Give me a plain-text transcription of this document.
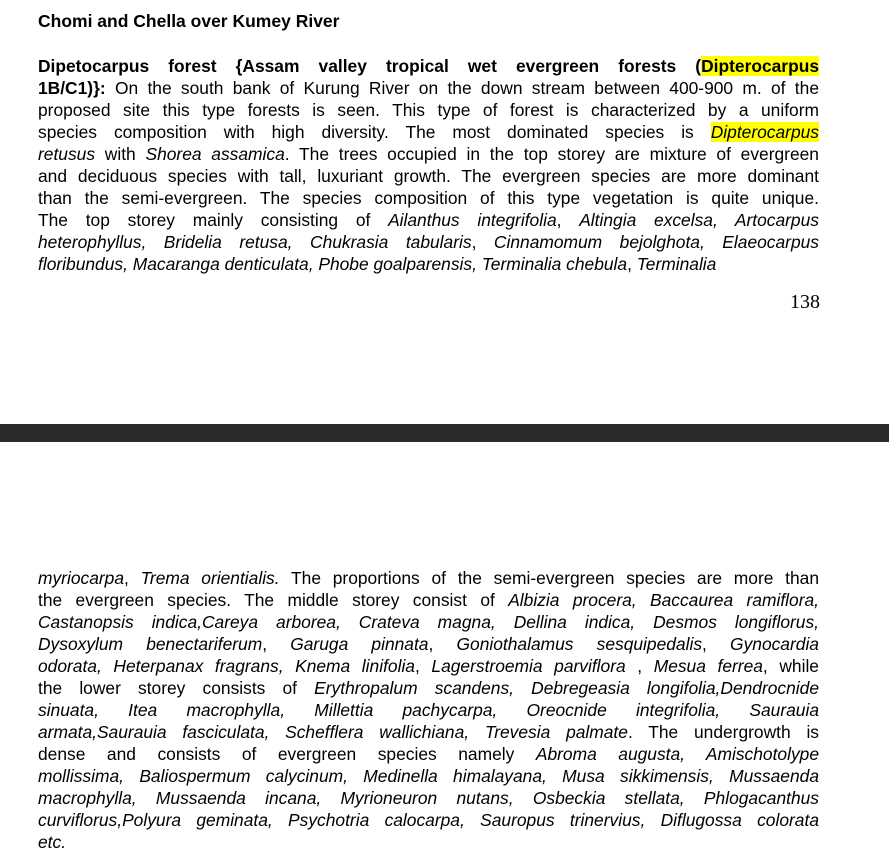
Chomi and Chella over Kumey River
Dipetocarpus forest {Assam valley tropical wet evergreen forests (Dipterocarpus
1B/C1)}: On the south bank of Kurung River on the down stream between 400-900 m. of the
proposed site this type forests is seen. This type of forest is characterized by a uniform
species composition with high diversity. The most dominated species is Dipterocarpus
retusus with Shorea assamica. The trees occupied in the top storey are mixture of evergreen
and deciduous species with tall, luxuriant growth. The evergreen species are more dominant
than the semi-evergreen. The species composition of this type vegetation is quite unique.
The top storey mainly consisting of Ailanthus integrifolia, Altingia excelsa, Artocarpus
heterophyllus, Bridelia retusa, Chukrasia tabularis, Cinnamomum bejolghota, Elaeocarpus
floribundus, Macaranga denticulata, Phobe goalparensis, Terminalia chebula, Terminalia
138
myriocarpa, Trema orientialis. The proportions of the semi-evergreen species are more than
the evergreen species. The middle storey consist of Albizia procera, Baccaurea ramiflora,
Castanopsis indica,Careya arborea, Crateva magna, Dellina indica, Desmos longiflorus,
Dysoxylum benectariferum, Garuga pinnata, Goniothalamus sesquipedalis, Gynocardia
odorata, Heterpanax fragrans, Knema linifolia, Lagerstroemia parviflora , Mesua ferrea, while
the lower storey consists of Erythropalum scandens, Debregeasia longifolia,Dendrocnide
sinuata, Itea macrophylla, Millettia pachycarpa, Oreocnide integrifolia, Saurauia
armata,Saurauia fasciculata, Schefflera wallichiana, Trevesia palmate. The undergrowth is
dense and consists of evergreen species namely Abroma augusta, Amischotolype
mollissima, Baliospermum calycinum, Medinella himalayana, Musa sikkimensis, Mussaenda
macrophylla, Mussaenda incana, Myrioneuron nutans, Osbeckia stellata, Phlogacanthus
curviflorus,Polyura geminata, Psychotria calocarpa, Sauropus trinervius, Diflugossa colorata
etc.
